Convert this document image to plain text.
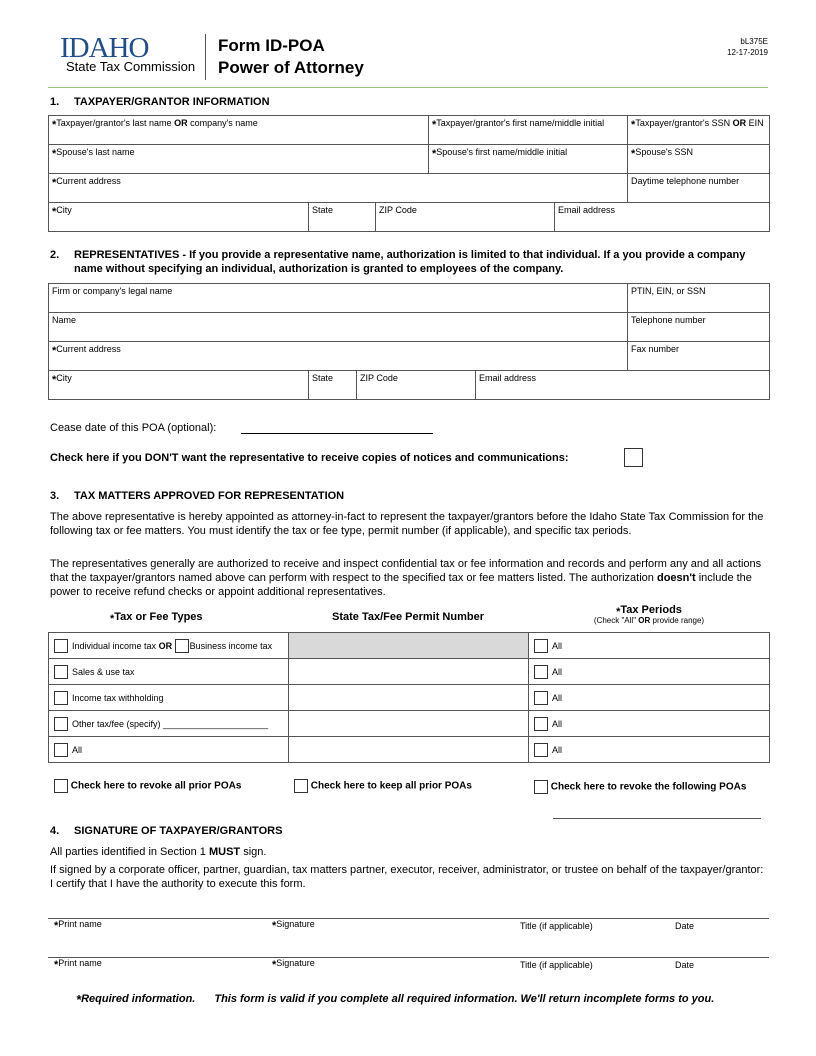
IDAHO
State Tax Commission
Form ID-POA
Power of Attorney
bL375E
12-17-2019
1. TAXPAYER/GRANTOR INFORMATION
*Taxpayer/grantor's last name OR company's name			*Taxpayer/grantor's first name/middle initial		*Taxpayer/grantor's SSN OR EIN
*Spouse's last name			*Spouse's first name/middle initial		*Spouse's SSN
*Current address					Daytime telephone number
*City	State	ZIP Code		Email address	
2.	REPRESENTATIVES - If you provide a representative name, authorization is limited to that individual. If a you provide a company name without specifying an individual, authorization is granted to employees of the company.
Firm or company's legal name				PTIN, EIN, or SSN
Name				Telephone number
*Current address				Fax number
*City	State	ZIP Code	Email address	
Cease date of this POA (optional):
Check here if you DON'T want the representative to receive copies of notices and communications:
3. TAX MATTERS APPROVED FOR REPRESENTATION
The above representative is hereby appointed as attorney-in-fact to represent the taxpayer/grantors before the Idaho State Tax Commission for the following tax or fee matters. You must identify the tax or fee type, permit number (if applicable), and specific tax periods.
The representatives generally are authorized to receive and inspect confidential tax or fee information and records and perform any and all actions that the taxpayer/grantors named above can perform with respect to the specified tax or fee matters listed. The authorization doesn't include the power to receive refund checks or appoint additional representatives.
*Tax or Fee Types	State Tax/Fee Permit Number	*Tax Periods
(Check "All" OR provide range)
Individual income tax OR Business income tax		All
Sales & use tax		All
Income tax withholding		All
Other tax/fee (specify) _____________________		All
All		All
Check here to revoke all prior POAs	Check here to keep all prior POAs	Check here to revoke the following POAs
4. SIGNATURE OF TAXPAYER/GRANTORS
All parties identified in Section 1 MUST sign.
If signed by a corporate officer, partner, guardian, tax matters partner, executor, receiver, administrator, or trustee on behalf of the taxpayer/grantor: I certify that I have the authority to execute this form.
*Print name	*Signature	Title (if applicable)	Date
*Print name	*Signature	Title (if applicable)	Date
*Required information. This form is valid if you complete all required information. We'll return incomplete forms to you.
